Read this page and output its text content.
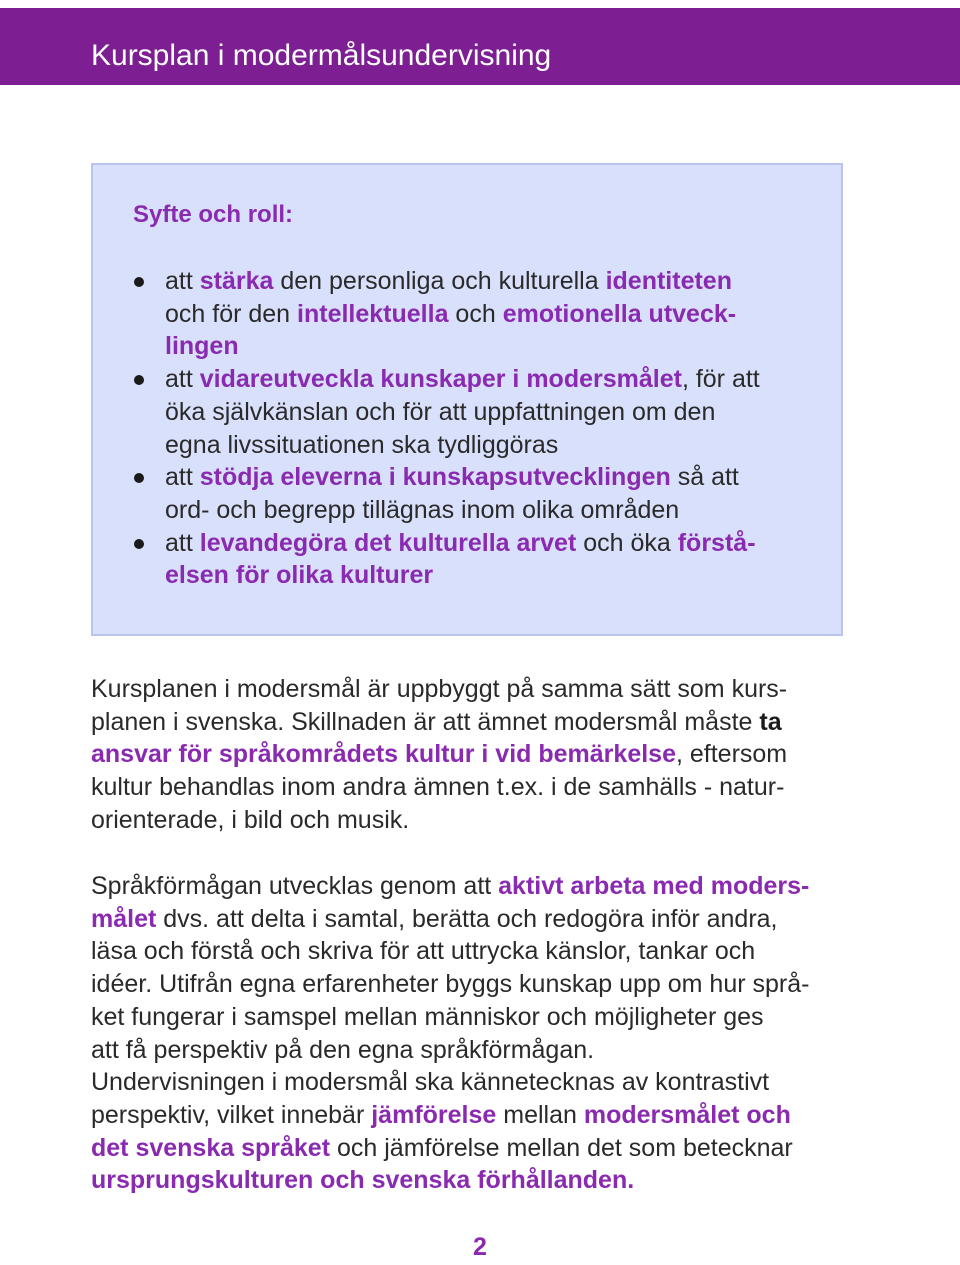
Kursplan i modermålsundervisning
Syfte och roll:
att stärka den personliga och kulturella identiteten
och för den intellektuella och emotionella utveck-
lingen
att vidareutveckla kunskaper i modersmålet, för att
öka självkänslan och för att uppfattningen om den
egna livssituationen ska tydliggöras
att stödja eleverna i kunskapsutvecklingen så att
ord- och begrepp tillägnas inom olika områden
att levandegöra det kulturella arvet och öka förstå-
elsen för olika kulturer
Kursplanen i modersmål är uppbyggt på samma sätt som kurs-
planen i svenska. Skillnaden är att ämnet modersmål måste ta
ansvar för språkområdets kultur i vid bemärkelse, eftersom
kultur behandlas inom andra ämnen t.ex. i de samhälls - natur-
orienterade, i bild och musik.
Språkförmågan utvecklas genom att aktivt arbeta med moders-
målet dvs. att delta i samtal, berätta och redogöra inför andra,
läsa och förstå och skriva för att uttrycka känslor, tankar och
idéer. Utifrån egna erfarenheter byggs kunskap upp om hur språ-
ket fungerar i samspel mellan människor och möjligheter ges
att få perspektiv på den egna språkförmågan.
Undervisningen i modersmål ska kännetecknas av kontrastivt
perspektiv, vilket innebär jämförelse mellan modersmålet och
det svenska språket och jämförelse mellan det som betecknar
ursprungskulturen och svenska förhållanden.
2
